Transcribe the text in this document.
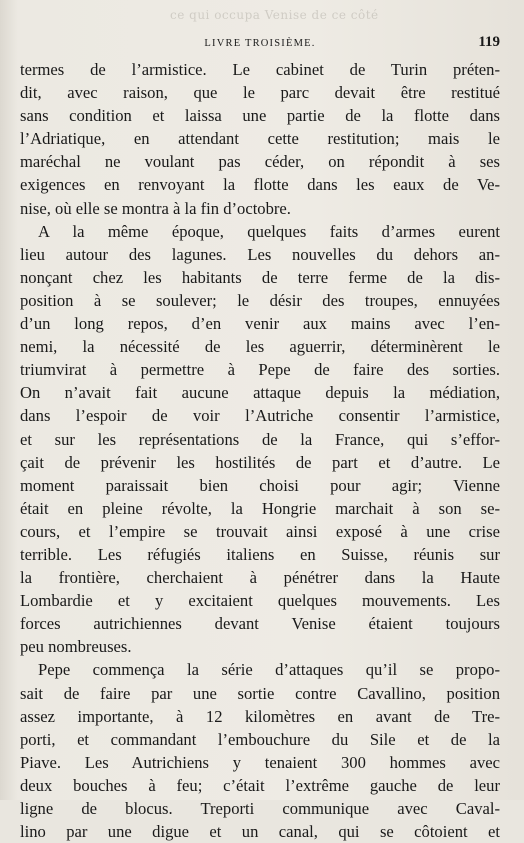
ce qui occupa Venise de ce côté
LIVRE TROISIÈME.	119
termes de l’armistice. Le cabinet de Turin préten-
dit, avec raison, que le parc devait être restitué
sans condition et laissa une partie de la flotte dans
l’Adriatique, en attendant cette restitution; mais le
maréchal ne voulant pas céder, on répondit à ses
exigences en renvoyant la flotte dans les eaux de Ve-
nise, où elle se montra à la fin d’octobre.
A la même époque, quelques faits d’armes eurent
lieu autour des lagunes. Les nouvelles du dehors an-
nonçant chez les habitants de terre ferme de la dis-
position à se soulever; le désir des troupes, ennuyées
d’un long repos, d’en venir aux mains avec l’en-
nemi, la nécessité de les aguerrir, déterminèrent le
triumvirat à permettre à Pepe de faire des sorties.
On n’avait fait aucune attaque depuis la médiation,
dans l’espoir de voir l’Autriche consentir l’armistice,
et sur les représentations de la France, qui s’effor-
çait de prévenir les hostilités de part et d’autre. Le
moment paraissait bien choisi pour agir; Vienne
était en pleine révolte, la Hongrie marchait à son se-
cours, et l’empire se trouvait ainsi exposé à une crise
terrible. Les réfugiés italiens en Suisse, réunis sur
la frontière, cherchaient à pénétrer dans la Haute
Lombardie et y excitaient quelques mouvements. Les
forces autrichiennes devant Venise étaient toujours
peu nombreuses.
Pepe commença la série d’attaques qu’il se propo-
sait de faire par une sortie contre Cavallino, position
assez importante, à 12 kilomètres en avant de Tre-
porti, et commandant l’embouchure du Sile et de la
Piave. Les Autrichiens y tenaient 300 hommes avec
deux bouches à feu; c’était l’extrême gauche de leur
ligne de blocus. Treporti communique avec Caval-
lino par une digue et un canal, qui se côtoient et
